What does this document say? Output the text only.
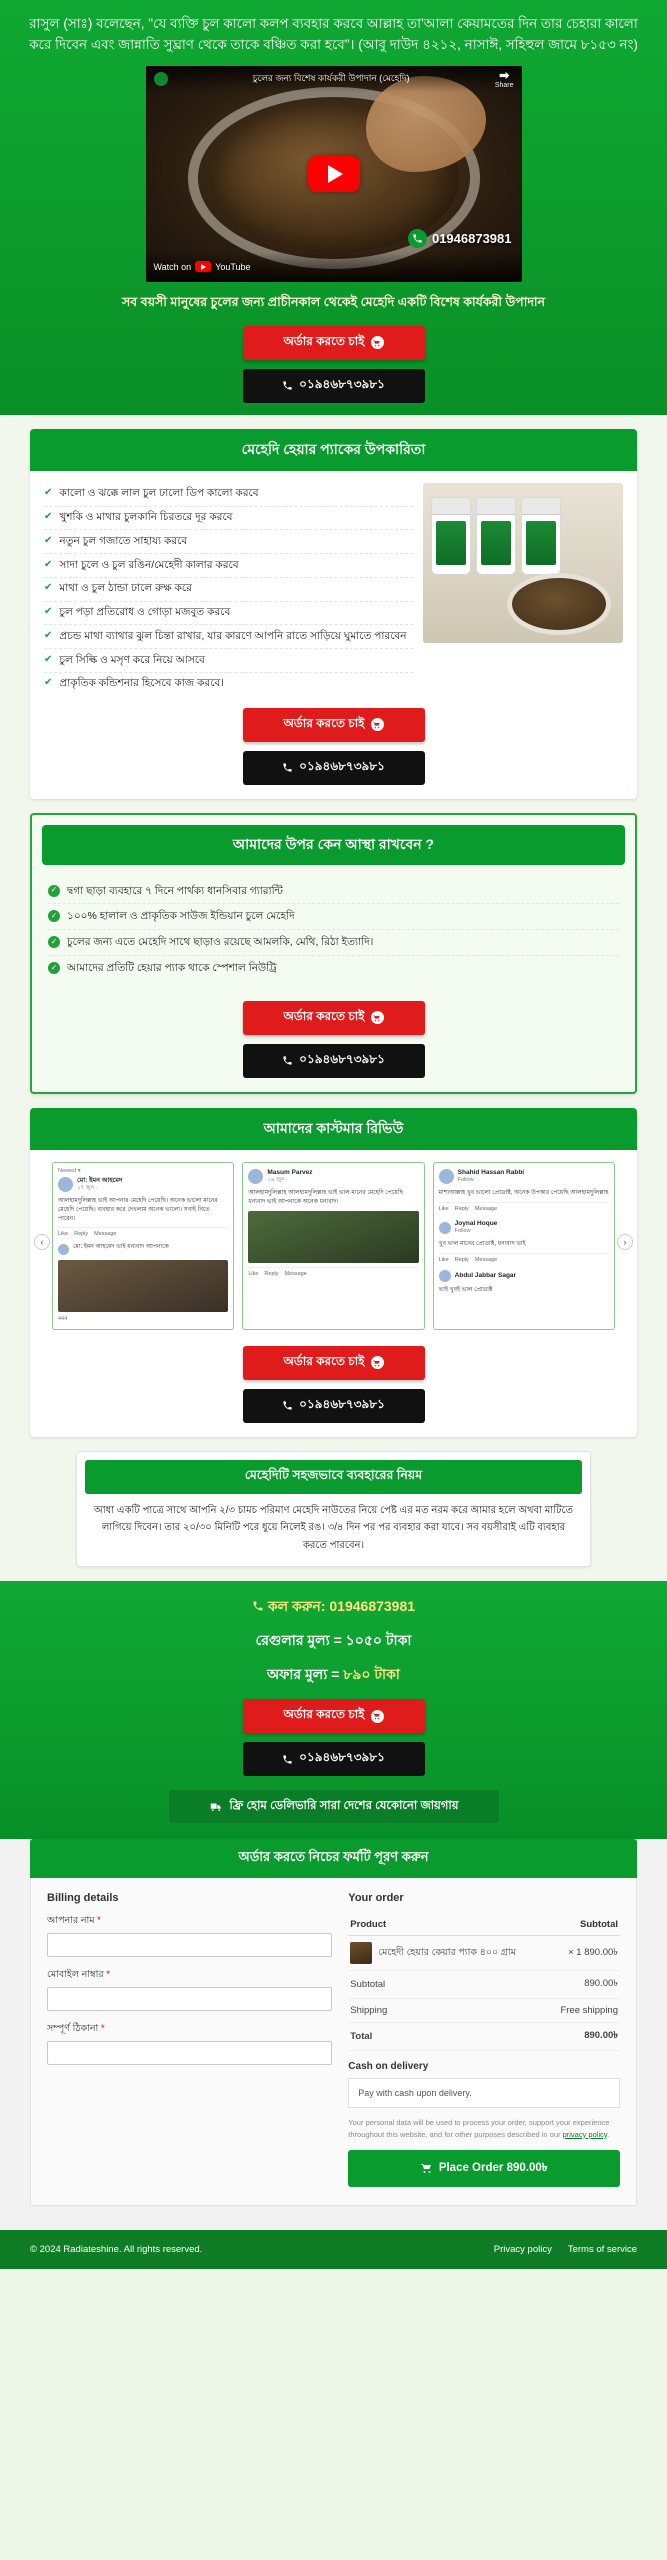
রাসুল (সাঃ) বলেছেন, "যে ব্যক্তি চুল কালো কলপ ব্যবহার করবে আল্লাহ তা'আলা কেয়ামতের দিন তার চেহারা কালো করে দিবেন এবং জান্নাতি সুঘ্রাণ থেকে তাকে বঞ্চিত করা হবে"। (আবু দাউদ ৪২১২, নাসাঈ, সহিহুল জামে ৮১৫৩ নং)
চুলের জন্য বিশেষ কার্যকরী উপাদান (মেহেদি)
Share
01946873981
Watch on	YouTube
সব বয়সী মানুষের চুলের জন্য প্রাচীনকাল থেকেই মেহেদি একটি বিশেষ কার্যকরী উপাদান
অর্ডার করতে চাই
০১৯৪৬৮৭৩৯৮১
মেহেদি হেয়ার প্যাকের উপকারিতা
✔ কালো ও ঝক্কে লাল চুল ঢালো ডিপ কালো করবে
✔ খুশকি ও মাথার চুলকানি চিরতরে দূর করবে
✔ নতুন চুল গজাতে সাহায্য করবে
✔ সাদা চুলে ও চুল রঙিন/মেহেদী কালার করবে
✔ মাথা ও চুল ঠান্ডা ঢালে রুক্ষ করে
✔ চুল পড়া প্রতিরোধ ও গোড়া মজবুত করবে
✔ প্রচন্ড মাথা ব্যাথার ঝুল চিন্তা রাখার, যার কারণে আপনি রাতে সাড়িয়ে ঘুমাতে পারবেন
✔ চুল সিল্কি ও মসৃণ করে নিয়ে আসবে
✔ প্রাকৃতিক কন্ডিশনার হিসেবে কাজ করবে।
অর্ডার করতে চাই
০১৯৪৬৮৭৩৯৮১
আমাদের উপর কেন আস্থা রাখবেন ?
✓ দ্বগা ছাড়া ব্যবহারে ৭ দিনে পার্থক্য ধানসিবার গ্যারান্টি
✓ ১০০% হালাল ও প্রাকৃতিক সাউজ ইন্ডিয়ান চুলে মেহেদি
✓ চুলের জন্য এতে মেহেদি সাথে ছাড়াও রয়েছে আমলকি, মেথি, রিঠা ইত্যাদি।
✓ আমাদের প্রতিটি হেয়ার প্যাক থাকে স্পেশাল নিউট্রি
অর্ডার করতে চাই
০১৯৪৬৮৭৩৯৮১
আমাদের কাস্টমার রিভিউ
‹	›
Newest ▾
মো: ইমন আহমেদ
১৭ জুন ·
আলহামদুলিল্লাহ ভাই আপনার মেহেদি পেয়েছি। অনেক ভালো মানের মেহেদি পেয়েছি। ব্যবহার করে দেখলাম অনেক ভালো। সবাই নিতে পারেন।
Like Reply Message
মো: ইমন আহমেদ ভাই ধন্যবাদ আপনাকে
444
Masum Parvez
১৯ জুন ·
আলহামদুলিল্লাহ আলহামদুলিল্লাহ ভাই ভাল মানের মেহেদি পেয়েছি ধন্যবাদ ভাই আপনাকে অনেক ধন্যবাদ।
Like Reply Message
Shahid Hassan Rabbi
Follow
মাশাআল্লাহ খুব ভালো প্রোডাক্ট, অনেক উপকার পেয়েছি আলহামদুলিল্লাহ
Like Reply Message
Joynal Hoque
Follow
খুব ভাল মানের প্রোডাক্ট, ধন্যবাদ ভাই
Like Reply Message
Abdul Jabbar Sagar
ভাই খুবই ভাল প্রোডাক্ট
অর্ডার করতে চাই
০১৯৪৬৮৭৩৯৮১
মেহেদিটি সহজভাবে ব্যবহারের নিয়ম
আধা একটি পাত্রে সাথে আপনি ২/৩ চামচ পরিমাণ মেহেদি নাউতের নিয়ে পেষ্ট এর মত নরম করে আমার হলে অথবা মাটিতে লাগিয়ে দিবেন। তার ২০/৩০ মিনিটি পরে ধুয়ে নিলেই রঙ। ৩/৪ দিন পর পর ব্যবহার করা যাবে। সব বয়সীরাই এটি ব্যবহার করতে পারবেন।
কল করুন: 01946873981
রেগুলার মুল্য = ১০৫০ টাকা
অফার মুল্য = ৮৯০ টাকা
অর্ডার করতে চাই
০১৯৪৬৮৭৩৯৮১
ফ্রি হোম ডেলিভারি সারা দেশের যেকোনো জায়গায়
অর্ডার করতে নিচের ফর্মটি পূরণ করুন
Billing details
আপনার নাম *
মোবাইল নাম্বার *
সম্পূর্ণ ঠিকানা *
Your order
Product	Subtotal

মেহেদী হেয়ার কেয়ার প্যাক ৪০০ গ্রাম	× 1 890.00৳
Subtotal	890.00৳
Shipping	Free shipping
Total	890.00৳
Cash on delivery
Pay with cash upon delivery.
Your personal data will be used to process your order, support your experience throughout this website, and for other purposes described in our privacy policy.
Place Order 890.00৳
© 2024 Radiateshine. All rights reserved.	Privacy policy Terms of service
